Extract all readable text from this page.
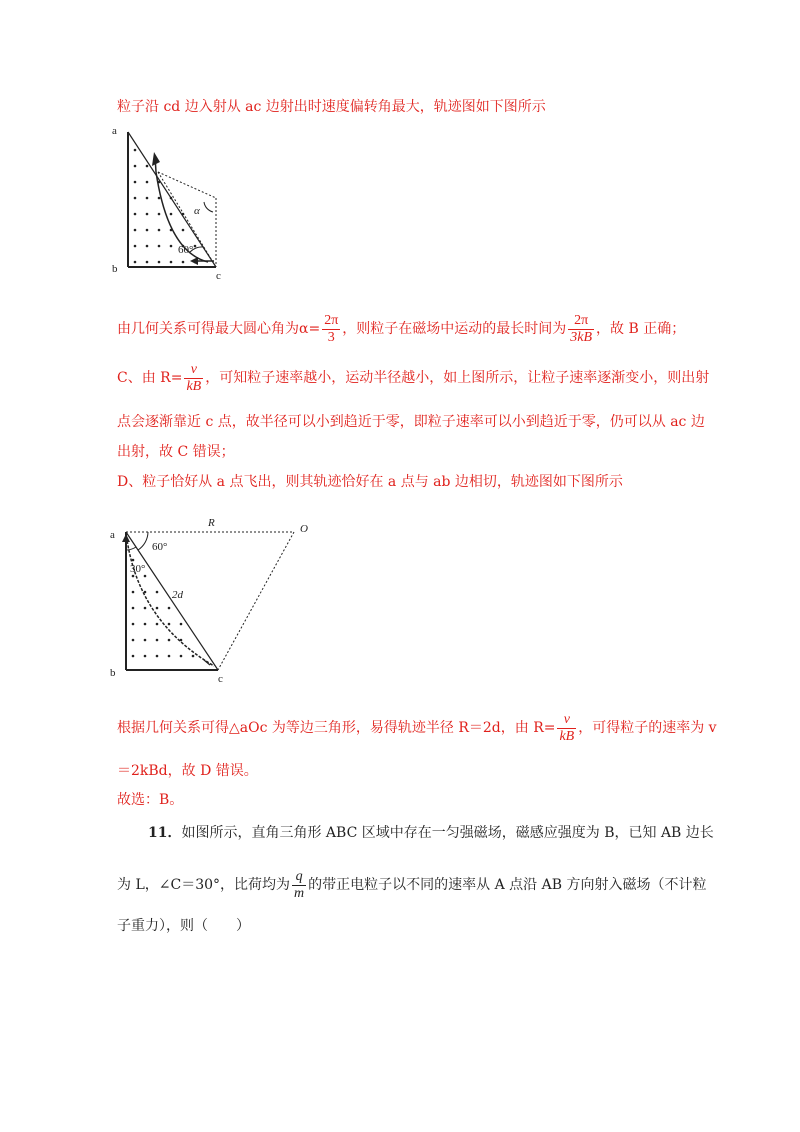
粒子沿 cd 边入射从 ac 边射出时速度偏转角最大，轨迹图如下图所示
a
b
c
α
60°
由几何关系可得最大圆心角为$\alpha= \frac{2\pi}{3}$ ，则粒子在磁场中运动的最长时间为 $\frac{2\pi}{3kB}$ ，故 B 正确；
C、由 $R= \frac{v}{kB}$ ，可知粒子速率越小，运动半径越小，如上图所示，让粒子速率逐渐变小，则出射
点会逐渐靠近 c 点，故半径可以小到趋近于零，即粒子速率可以小到趋近于零，仍可以从 ac 边
出射，故 C 错误；
D、粒子恰好从 a 点飞出，则其轨迹恰好在 a 点与 ab 边相切，轨迹图如下图所示
a
b	c
O
R
60°
30°
2d
根据几何关系可得△aOc 为等边三角形，易得轨迹半径 R＝2d，由 $R= \frac{v}{kB}$ ，可得粒子的速率为 v
＝2kBd，故 D 错误。
故选：B。
11．如图所示，直角三角形 ABC 区域中存在一匀强磁场，磁感应强度为 B，已知 AB 边长
为 L，∠C＝30°，比荷均为 $\frac{q}{m}$ 的带正电粒子以不同的速率从 A 点沿 AB 方向射入磁场（不计粒
子重力），则（　　）
